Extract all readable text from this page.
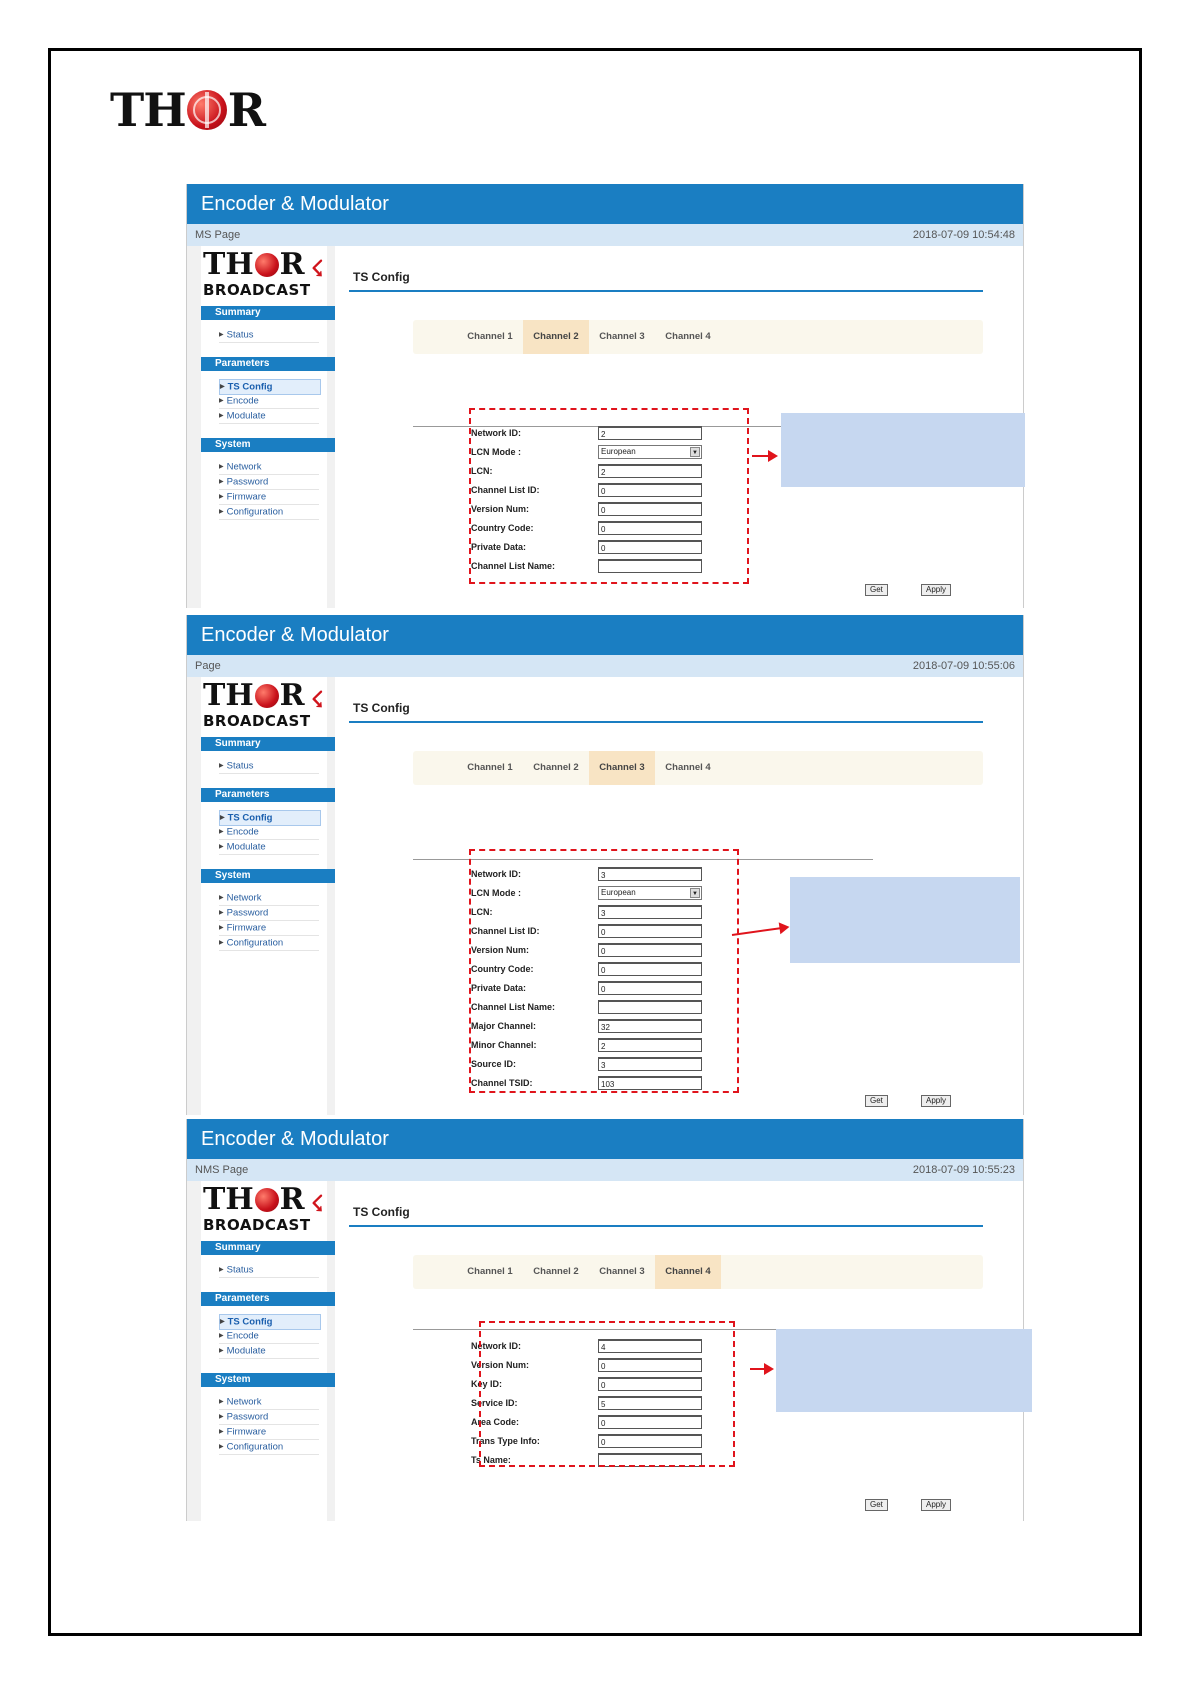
TH R
Encoder & Modulator
MS Page	2018-07-09 10:54:48
TH R
BROADCAST
☇
Summary
▶ Status
Parameters
▶ TS Config
▶ Encode
▶ Modulate
System
▶ Network
▶ Password
▶ Firmware
▶ Configuration
TS Config
Channel 1	Channel 2	Channel 3	Channel 4
Network ID:	2
LCN Mode :	European ▼
LCN:	2
Channel List ID:	0
Version Num:	0
Country Code:	0
Private Data:	0
Channel List Name:
Get	Apply
Encoder & Modulator
Page	2018-07-09 10:55:06
TH R
BROADCAST
☇
Summary
▶ Status
Parameters
▶ TS Config
▶ Encode
▶ Modulate
System
▶ Network
▶ Password
▶ Firmware
▶ Configuration
TS Config
Channel 1	Channel 2	Channel 3	Channel 4
Network ID:	3
LCN Mode :	European ▼
LCN:	3
Channel List ID:	0
Version Num:	0
Country Code:	0
Private Data:	0
Channel List Name:
Major Channel:	32
Minor Channel:	2
Source ID:	3
Channel TSID:	103
Get	Apply
Encoder & Modulator
NMS Page	2018-07-09 10:55:23
TH R
BROADCAST
☇
Summary
▶ Status
Parameters
▶ TS Config
▶ Encode
▶ Modulate
System
▶ Network
▶ Password
▶ Firmware
▶ Configuration
TS Config
Channel 1	Channel 2	Channel 3	Channel 4
Network ID:	4
Version Num:	0
Key ID:	0
Service ID:	5
Area Code:	0
Trans Type Info:	0
Ts Name:
Get	Apply
